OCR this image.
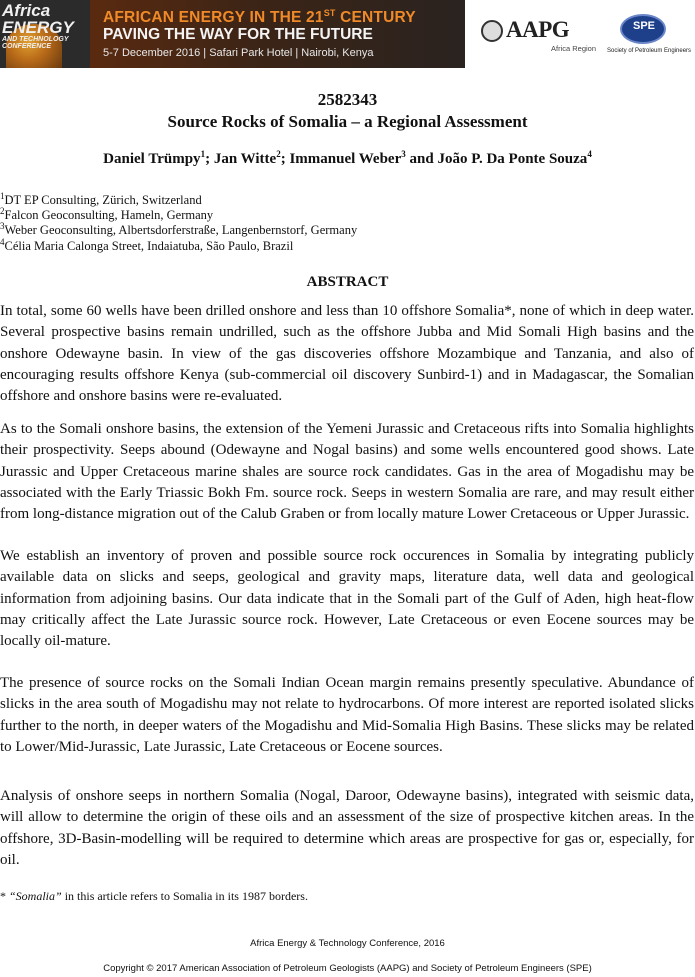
Africa
ENERGY
AND TECHNOLOGY CONFERENCE
AFRICAN ENERGY IN THE 21ST CENTURY
PAVING THE WAY FOR THE FUTURE
5-7 December 2016 | Safari Park Hotel | Nairobi, Kenya
AAPG
Africa Region
SPE
Society of Petroleum Engineers
2582343
Source Rocks of Somalia – a Regional Assessment
Daniel Trümpy$^1$; Jan Witte$^2$; Immanuel Weber$^3$ and João P. Da Ponte Souza$^4$
$^1$DT EP Consulting, Zürich, Switzerland
$^2$Falcon Geoconsulting, Hameln, Germany
$^3$Weber Geoconsulting, Albertsdorferstraße, Langenbernstorf, Germany
$^4$Célia Maria Calonga Street, Indaiatuba, São Paulo, Brazil
ABSTRACT

In total, some 60 wells have been drilled onshore and less than 10 offshore Somalia*, none of which in deep water. Several prospective basins remain undrilled, such as the offshore Jubba and Mid Somali High basins and the onshore Odewayne basin. In view of the gas discoveries offshore Mozambique and Tanzania, and also of encouraging results offshore Kenya (sub-commercial oil discovery Sunbird-1) and in Madagascar, the Somalian offshore and onshore basins were re-evaluated.

As to the Somali onshore basins, the extension of the Yemeni Jurassic and Cretaceous rifts into Somalia highlights their prospectivity. Seeps abound (Odewayne and Nogal basins) and some wells encountered good shows. Late Jurassic and Upper Cretaceous marine shales are source rock candidates. Gas in the area of Mogadishu may be associated with the Early Triassic Bokh Fm. source rock. Seeps in western Somalia are rare, and may result either from long-distance migration out of the Calub Graben or from locally mature Lower Cretaceous or Upper Jurassic.

We establish an inventory of proven and possible source rock occurences in Somalia by integrating publicly available data on slicks and seeps, geological and gravity maps, literature data, well data and geological information from adjoining basins. Our data indicate that in the Somali part of the Gulf of Aden, high heat-flow may critically affect the Late Jurassic source rock. However, Late Cretaceous or even Eocene sources may be locally oil-mature.

The presence of source rocks on the Somali Indian Ocean margin remains presently speculative. Abundance of slicks in the area south of Mogadishu may not relate to hydrocarbons. Of more interest are reported isolated slicks further to the north, in deeper waters of the Mogadishu and Mid-Somalia High Basins. These slicks may be related to Lower/Mid-Jurassic, Late Jurassic, Late Cretaceous or Eocene sources.

Analysis of onshore seeps in northern Somalia (Nogal, Daroor, Odewayne basins), integrated with seismic data, will allow to determine the origin of these oils and an assessment of the size of prospective kitchen areas. In the offshore, 3D-Basin-modelling will be required to determine which areas are prospective for gas or, especially, for oil.

* “Somalia” in this article refers to Somalia in its 1987 borders.
Africa Energy & Technology Conference, 2016
Copyright © 2017 American Association of Petroleum Geologists (AAPG) and Society of Petroleum Engineers (SPE)
